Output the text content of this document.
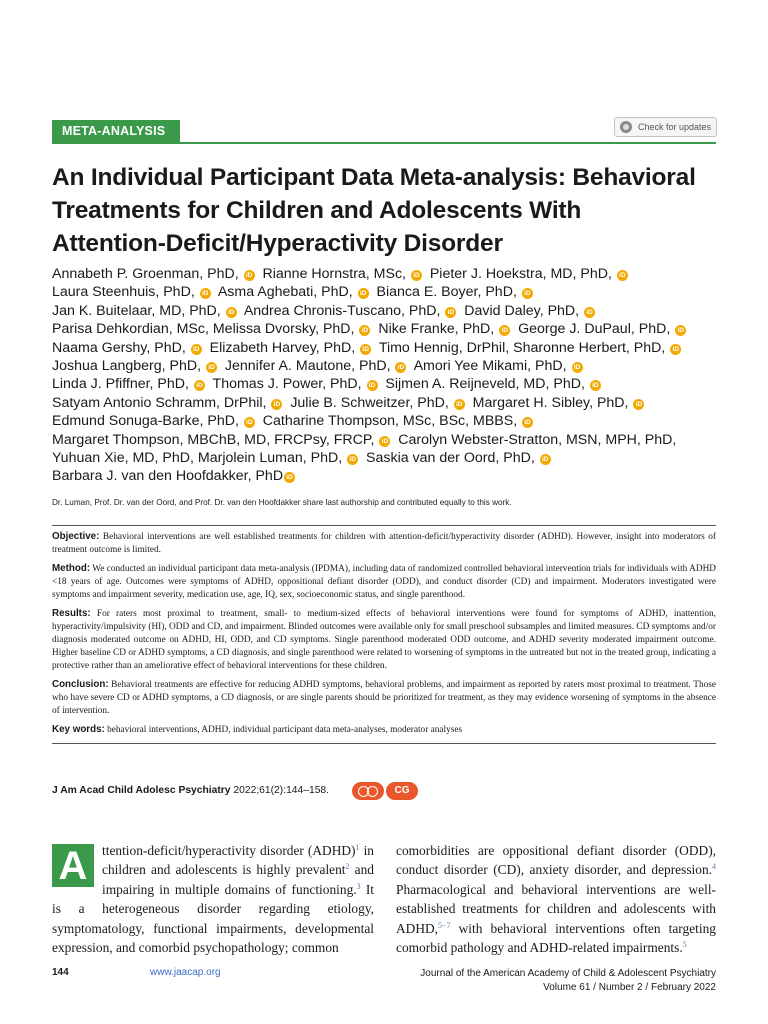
META-ANALYSIS	Check for updates
An Individual Participant Data Meta-analysis: Behavioral
Treatments for Children and Adolescents With
Attention-Deficit/Hyperactivity Disorder
Annabeth P. Groenman, PhD, iD Rianne Hornstra, MSc, iD Pieter J. Hoekstra, MD, PhD, iD
Laura Steenhuis, PhD, iD Asma Aghebati, PhD, iD Bianca E. Boyer, PhD, iD
Jan K. Buitelaar, MD, PhD, iD Andrea Chronis-Tuscano, PhD, iD David Daley, PhD, iD
Parisa Dehkordian, MSc, Melissa Dvorsky, PhD, iD Nike Franke, PhD, iD George J. DuPaul, PhD, iD
Naama Gershy, PhD, iD Elizabeth Harvey, PhD, iD Timo Hennig, DrPhil, Sharonne Herbert, PhD, iD
Joshua Langberg, PhD, iD Jennifer A. Mautone, PhD, iD Amori Yee Mikami, PhD, iD
Linda J. Pfiffner, PhD, iD Thomas J. Power, PhD, iD Sijmen A. Reijneveld, MD, PhD, iD
Satyam Antonio Schramm, DrPhil, iD Julie B. Schweitzer, PhD, iD Margaret H. Sibley, PhD, iD
Edmund Sonuga-Barke, PhD, iD Catharine Thompson, MSc, BSc, MBBS, iD
Margaret Thompson, MBChB, MD, FRCPsy, FRCP, iD Carolyn Webster-Stratton, MSN, MPH, PhD,
Yuhuan Xie, MD, PhD, Marjolein Luman, PhD, iD Saskia van der Oord, PhD, iD
Barbara J. van den Hoofdakker, PhD iD
Dr. Luman, Prof. Dr. van der Oord, and Prof. Dr. van den Hoofdakker share last authorship and contributed equally to this work.

Objective: Behavioral interventions are well established treatments for children with attention-deficit/hyperactivity disorder (ADHD). However, insight into moderators of treatment outcome is limited.

Method: We conducted an individual participant data meta-analysis (IPDMA), including data of randomized controlled behavioral intervention trials for individuals with ADHD <18 years of age. Outcomes were symptoms of ADHD, oppositional defiant disorder (ODD), and conduct disorder (CD) and impairment. Moderators investigated were symptoms and impairment severity, medication use, age, IQ, sex, socioeconomic status, and single parenthood.

Results: For raters most proximal to treatment, small- to medium-sized effects of behavioral interventions were found for symptoms of ADHD, inattention, hyperactivity/impulsivity (HI), ODD and CD, and impairment. Blinded outcomes were available only for small preschool subsamples and limited measures. CD symptoms and/or diagnosis moderated outcome on ADHD, HI, ODD, and CD symptoms. Single parenthood moderated ODD outcome, and ADHD severity moderated impairment outcome. Higher baseline CD or ADHD symptoms, a CD diagnosis, and single parenthood were related to worsening of symptoms in the untreated but not in the treated group, indicating a protective rather than an ameliorative effect of behavioral interventions for these children.

Conclusion: Behavioral treatments are effective for reducing ADHD symptoms, behavioral problems, and impairment as reported by raters most proximal to treatment. Those who have severe CD or ADHD symptoms, a CD diagnosis, or are single parents should be prioritized for treatment, as they may evidence worsening of symptoms in the absence of intervention.

Key words: behavioral interventions, ADHD, individual participant data meta-analyses, moderator analyses

J Am Acad Child Adolesc Psychiatry 2022;61(2):144–158.	CG
A	ttention-deficit/hyperactivity disorder (ADHD)$^1$ in children and adolescents is highly prevalent$^2$ and impairing in multiple domains of functioning.$^3$ It is a heterogeneous disorder regarding etiology, symptomatology, functional impairments, developmental expression, and comorbid psychopathology; common
comorbidities are oppositional defiant disorder (ODD), conduct disorder (CD), anxiety disorder, and depression.$^4$ Pharmacological and behavioral interventions are well-established treatments for children and adolescents with ADHD,$^{5-7}$ with behavioral interventions often targeting comorbid pathology and ADHD-related impairments.$^5$
144	www.jaacap.org	Journal of the American Academy of Child & Adolescent Psychiatry
Volume 61 / Number 2 / February 2022
